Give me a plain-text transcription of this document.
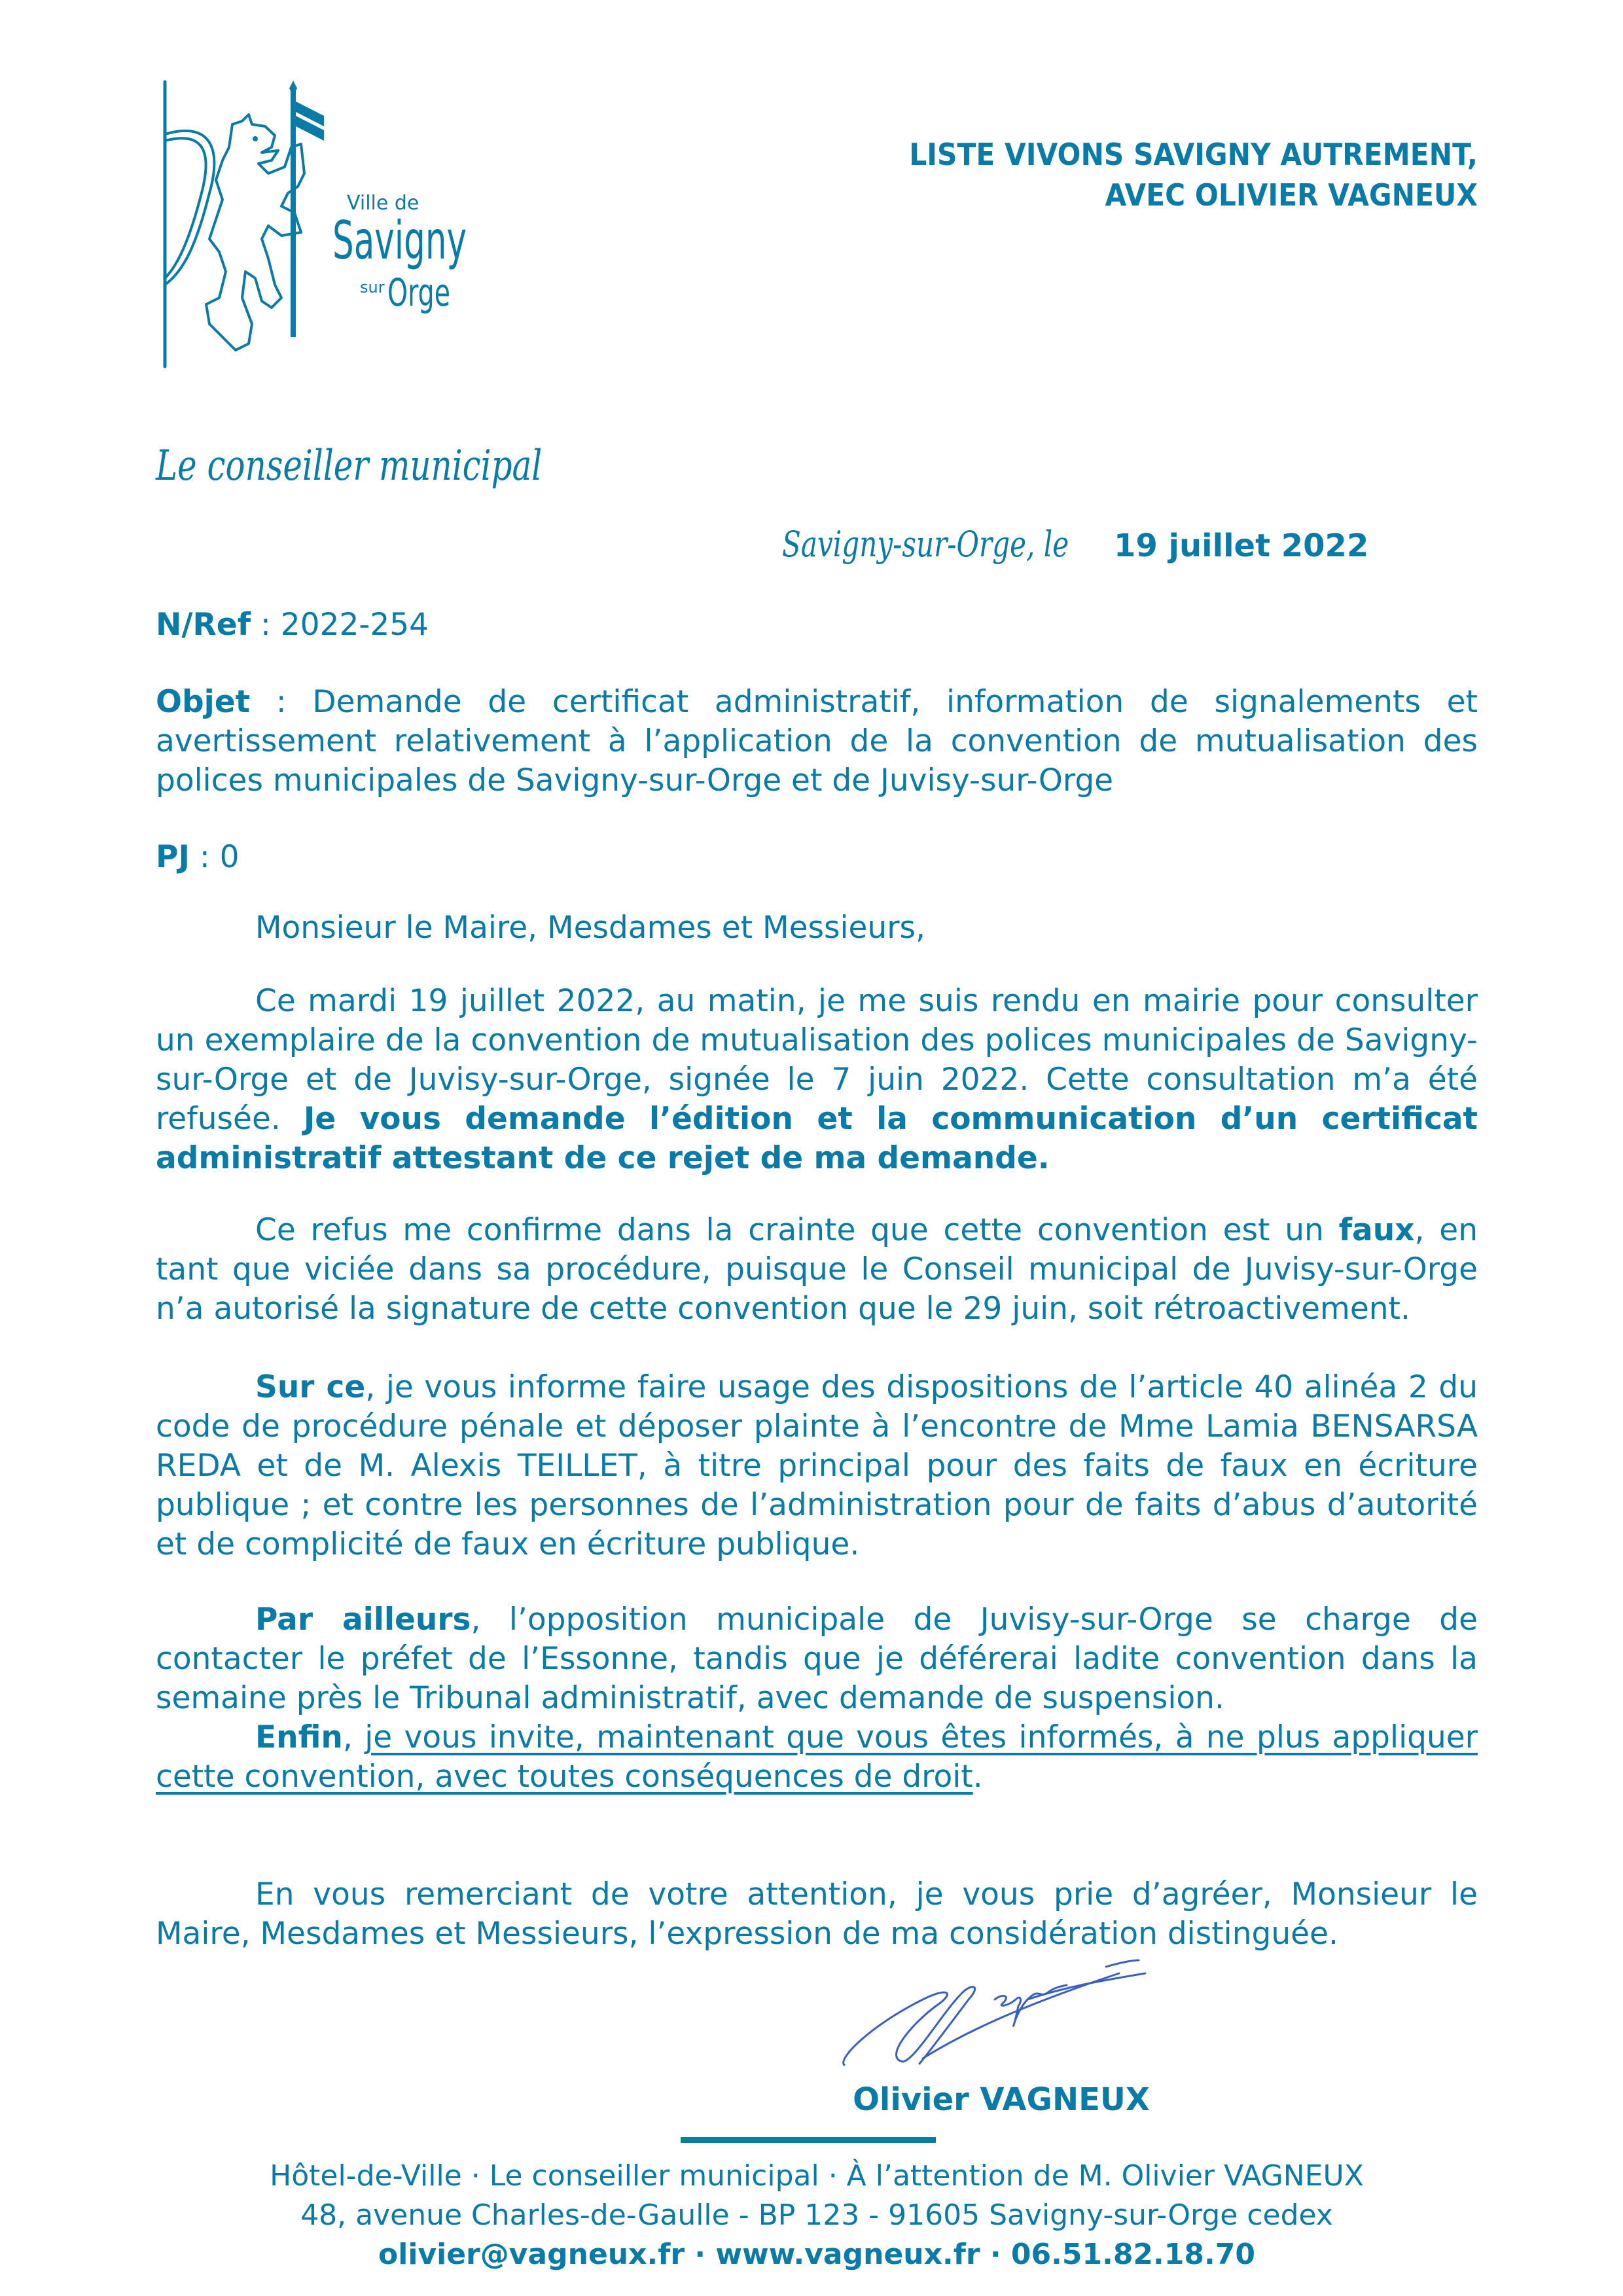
Ville de
Savigny
sur Orge
LISTE VIVONS SAVIGNY AUTREMENT,
AVEC OLIVIER VAGNEUX
Le conseiller municipal
Savigny-sur-Orge, le 19 juillet 2022
N/Ref : 2022-254
Objet : Demande de certificat administratif, information de signalements et avertissement relativement à l’application de la convention de mutualisation des polices municipales de Savigny-sur-Orge et de Juvisy-sur-Orge
PJ : 0
Monsieur le Maire, Mesdames et Messieurs,
Ce mardi 19 juillet 2022, au matin, je me suis rendu en mairie pour consulter un exemplaire de la convention de mutualisation des polices municipales de Savigny-sur-Orge et de Juvisy-sur-Orge, signée le 7 juin 2022. Cette consultation m’a été refusée. Je vous demande l’édition et la communication d’un certificat administratif attestant de ce rejet de ma demande.
Ce refus me confirme dans la crainte que cette convention est un faux, en tant que viciée dans sa procédure, puisque le Conseil municipal de Juvisy-sur-Orge n’a autorisé la signature de cette convention que le 29 juin, soit rétroactivement.
Sur ce, je vous informe faire usage des dispositions de l’article 40 alinéa 2 du code de procédure pénale et déposer plainte à l’encontre de Mme Lamia BENSARSA REDA et de M. Alexis TEILLET, à titre principal pour des faits de faux en écriture publique ; et contre les personnes de l’administration pour de faits d’abus d’autorité et de complicité de faux en écriture publique.
Par ailleurs, l’opposition municipale de Juvisy-sur-Orge se charge de contacter le préfet de l’Essonne, tandis que je déférerai ladite convention dans la semaine près le Tribunal administratif, avec demande de suspension.
Enfin, je vous invite, maintenant que vous êtes informés, à ne plus appliquer cette convention, avec toutes conséquences de droit.
En vous remerciant de votre attention, je vous prie d’agréer, Monsieur le Maire, Mesdames et Messieurs, l’expression de ma considération distinguée.
Olivier VAGNEUX
Hôtel-de-Ville · Le conseiller municipal · À l’attention de M. Olivier VAGNEUX
48, avenue Charles-de-Gaulle - BP 123 - 91605 Savigny-sur-Orge cedex
olivier@vagneux.fr · www.vagneux.fr · 06.51.82.18.70
